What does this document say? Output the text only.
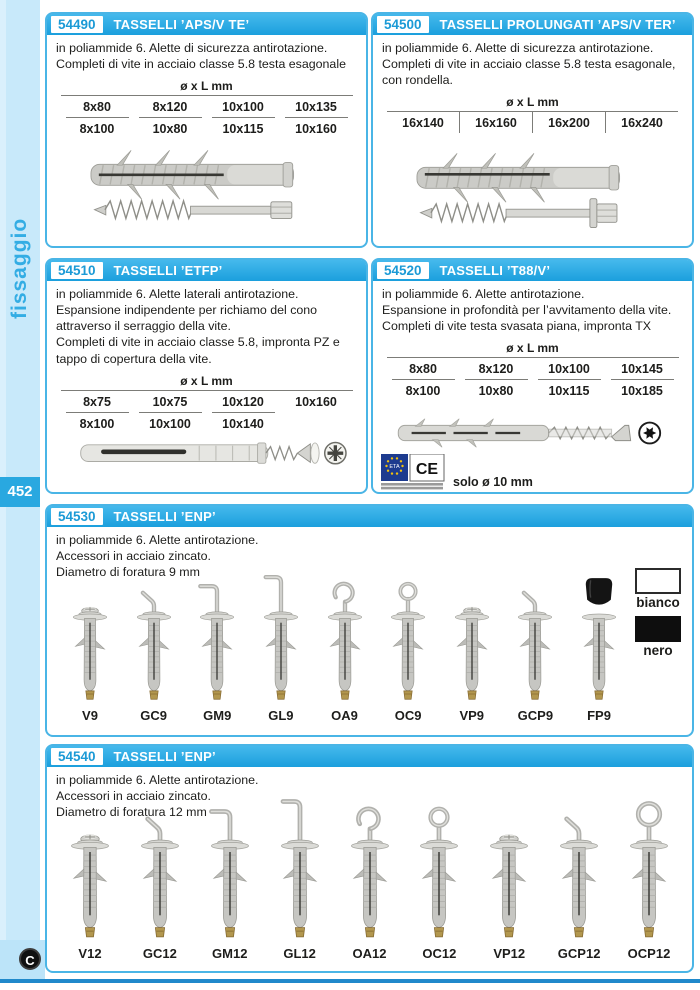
fissaggio
452
C
54490	TASSELLI ’APS/V TE’
in poliammide 6. Alette di sicurezza antirotazione.
Completi di vite in acciaio classe 5.8 testa esagonale
ø x L mm
8x80	8x120	10x100	10x135
8x100	10x80	10x115	10x160
54500	TASSELLI PROLUNGATI ’APS/V TER’
in poliammide 6. Alette di sicurezza antirotazione.
Completi di vite in acciaio classe 5.8 testa esagonale,
con rondella.
ø x L mm
16x140	16x160	16x200	16x240
54510	TASSELLI ’ETFP’
in poliammide 6. Alette laterali antirotazione.
Espansione indipendente per richiamo del cono
attraverso il serraggio della vite.
Completi di vite in acciaio classe 5.8, impronta PZ e
tappo di copertura della vite.
ø x L mm
8x75	10x75	10x120	10x160
8x100	10x100	10x140
54520	TASSELLI ’T88/V’
in poliammide 6. Alette antirotazione.
Espansione in profondità per l’avvitamento della vite.
Completi di vite testa svasata piana, impronta TX
ø x L mm
8x80	8x120	10x100	10x145
8x100	10x80	10x115	10x185
ETA CE
solo ø 10 mm
54530	TASSELLI ’ENP’
in poliammide 6. Alette antirotazione.
Accessori in acciaio zincato.
Diametro di foratura 9 mm
V9	GC9	GM9	GL9	OA9	OC9	VP9	GCP9	FP9
bianco
nero
54540	TASSELLI ’ENP’
in poliammide 6. Alette antirotazione.
Accessori in acciaio zincato.
Diametro di foratura 12 mm
V12	GC12	GM12	GL12	OA12	OC12	VP12	GCP12 OCP12
